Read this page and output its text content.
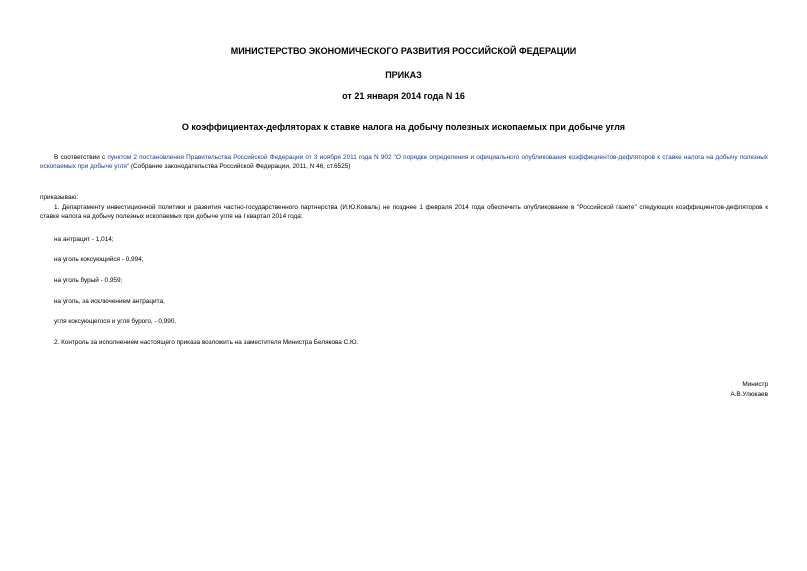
МИНИСТЕРСТВО ЭКОНОМИЧЕСКОГО РАЗВИТИЯ РОССИЙСКОЙ ФЕДЕРАЦИИ

ПРИКАЗ

от 21 января 2014 года N 16

О коэффициентах-дефляторах к ставке налога на добычу полезных ископаемых при добыче угля

В соответствии с пунктом 2 постановления Правительства Российской Федерации от 3 ноября 2011 года N 902 "О порядке определения и официального опубликования коэффициентов-дефляторов к ставке налога на добычу полезных ископаемых при добыче угля" (Собрание законодательства Российской Федерации, 2011, N 46, ст.6525)

приказываю:

1. Департаменту инвестиционной политики и развития частно-государственного партнерства (И.Ю.Коваль) не позднее 1 февраля 2014 года обеспечить опубликование в "Российской газете" следующих коэффициентов-дефляторов к ставке налога на добычу полезных ископаемых при добыче угля на I квартал 2014 года:

на антрацит - 1,014;

на уголь коксующийся - 0,994;

на уголь бурый - 0,959;

на уголь, за исключением антрацита,

угля коксующегося и угля бурого, - 0,990.

2. Контроль за исполнением настоящего приказа возложить на заместителя Министра Белякова С.Ю.

Министр

А.В.Улюкаев
